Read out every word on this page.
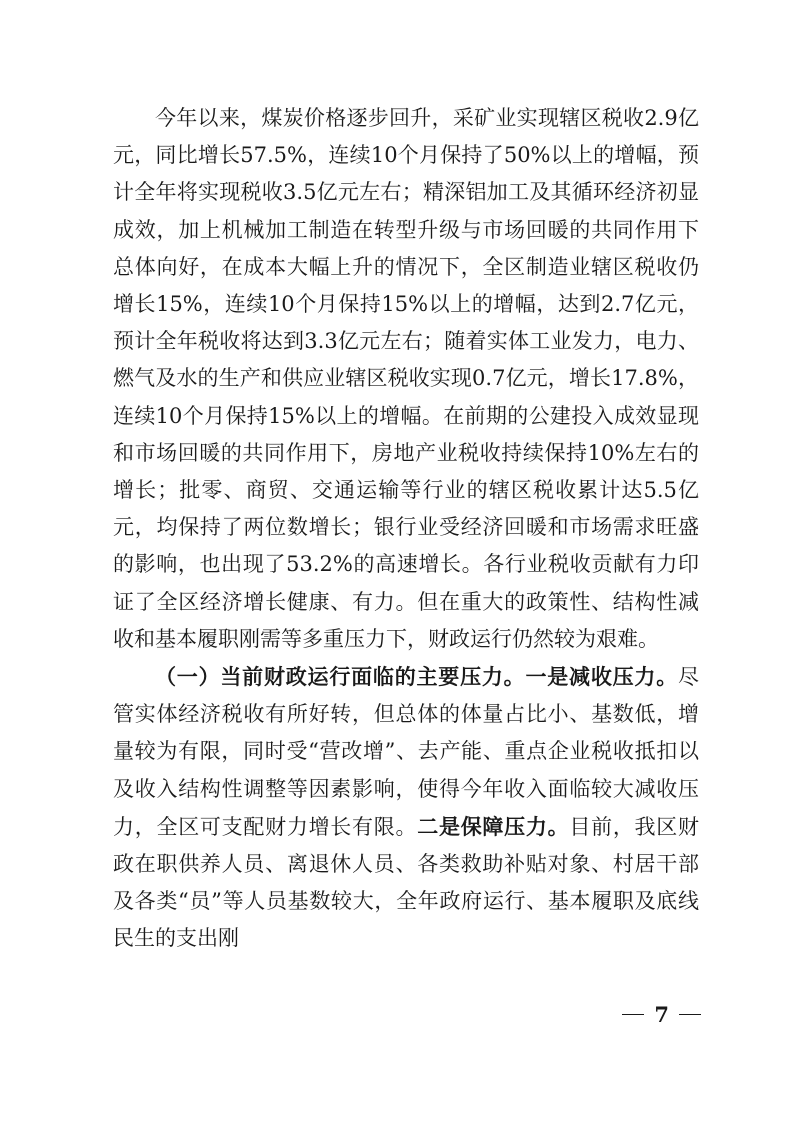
今年以来，煤炭价格逐步回升，采矿业实现辖区税收2.9亿元，同比增长57.5%，连续10个月保持了50%以上的增幅，预计全年将实现税收3.5亿元左右；精深铝加工及其循环经济初显成效，加上机械加工制造在转型升级与市场回暖的共同作用下总体向好，在成本大幅上升的情况下，全区制造业辖区税收仍增长15%，连续10个月保持15%以上的增幅，达到2.7亿元，预计全年税收将达到3.3亿元左右；随着实体工业发力，电力、燃气及水的生产和供应业辖区税收实现0.7亿元，增长17.8%，连续10个月保持15%以上的增幅。在前期的公建投入成效显现和市场回暖的共同作用下，房地产业税收持续保持10%左右的增长；批零、商贸、交通运输等行业的辖区税收累计达5.5亿元，均保持了两位数增长；银行业受经济回暖和市场需求旺盛的影响，也出现了53.2%的高速增长。各行业税收贡献有力印证了全区经济增长健康、有力。但在重大的政策性、结构性减收和基本履职刚需等多重压力下，财政运行仍然较为艰难。

（一）当前财政运行面临的主要压力。一是减收压力。尽管实体经济税收有所好转，但总体的体量占比小、基数低，增量较为有限，同时受“营改增”、去产能、重点企业税收抵扣以及收入结构性调整等因素影响，使得今年收入面临较大减收压力，全区可支配财力增长有限。二是保障压力。目前，我区财政在职供养人员、离退休人员、各类救助补贴对象、村居干部及各类“员”等人员基数较大，全年政府运行、基本履职及底线民生的支出刚

7
